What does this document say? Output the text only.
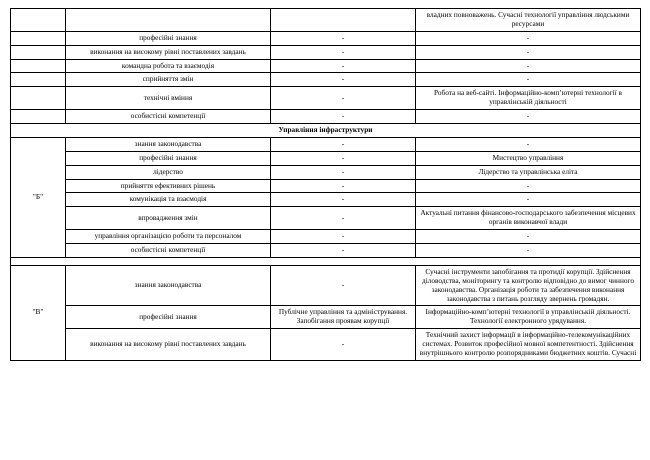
			владних повноважень. Сучасні технології управління людськими ресурсами
	професійні знання	-	-
	виконання на високому рівні поставлених завдань	-	-
	командна робота та взаємодія	-	-
	сприйняття змін	-	-
	технічні вміння	-	Робота на веб-сайті. Інформаційно-комп’ютерні технології в управлінській діяльності
	особистісні компетенції	-	-
Управління інфраструктури			
"Б"	знання законодавства	-	-
	професійні знання	-	Мистецтво управління
	лідерство	-	Лідерство та управлінська еліта
	прийняття ефективних рішень	-	-
	комунікація та взаємодія	-	-
	впровадження змін	-	Актуальні питання фінансово-господарського забезпечення місцевих органів виконавчої влади
	управління організацією роботи та персоналом	-	-
	особистісні компетенції	-	-

"В"	знання законодавства	-	Сучасні інструменти запобігання та протидії корупції. Здійснення діловодства, моніторингу та контролю відповідно до вимог чинного законодавства. Організація роботи та забезпечення виконання законодавства з питань розгляду звернень громадян.
	професійні знання	Публічне управління та адміністрування. Запобігання проявам корупції	Інформаційно-комп’ютерні технології в управлінській діяльності. Технології електронного урядування.
	виконання на високому рівні поставлених завдань	-	Технічний захист інформації в інформаційно-телекомунікаційних системах. Розвиток професійної мовної компетентності. Здійснення внутрішнього контролю розпорядниками бюджетних коштів. Сучасні
